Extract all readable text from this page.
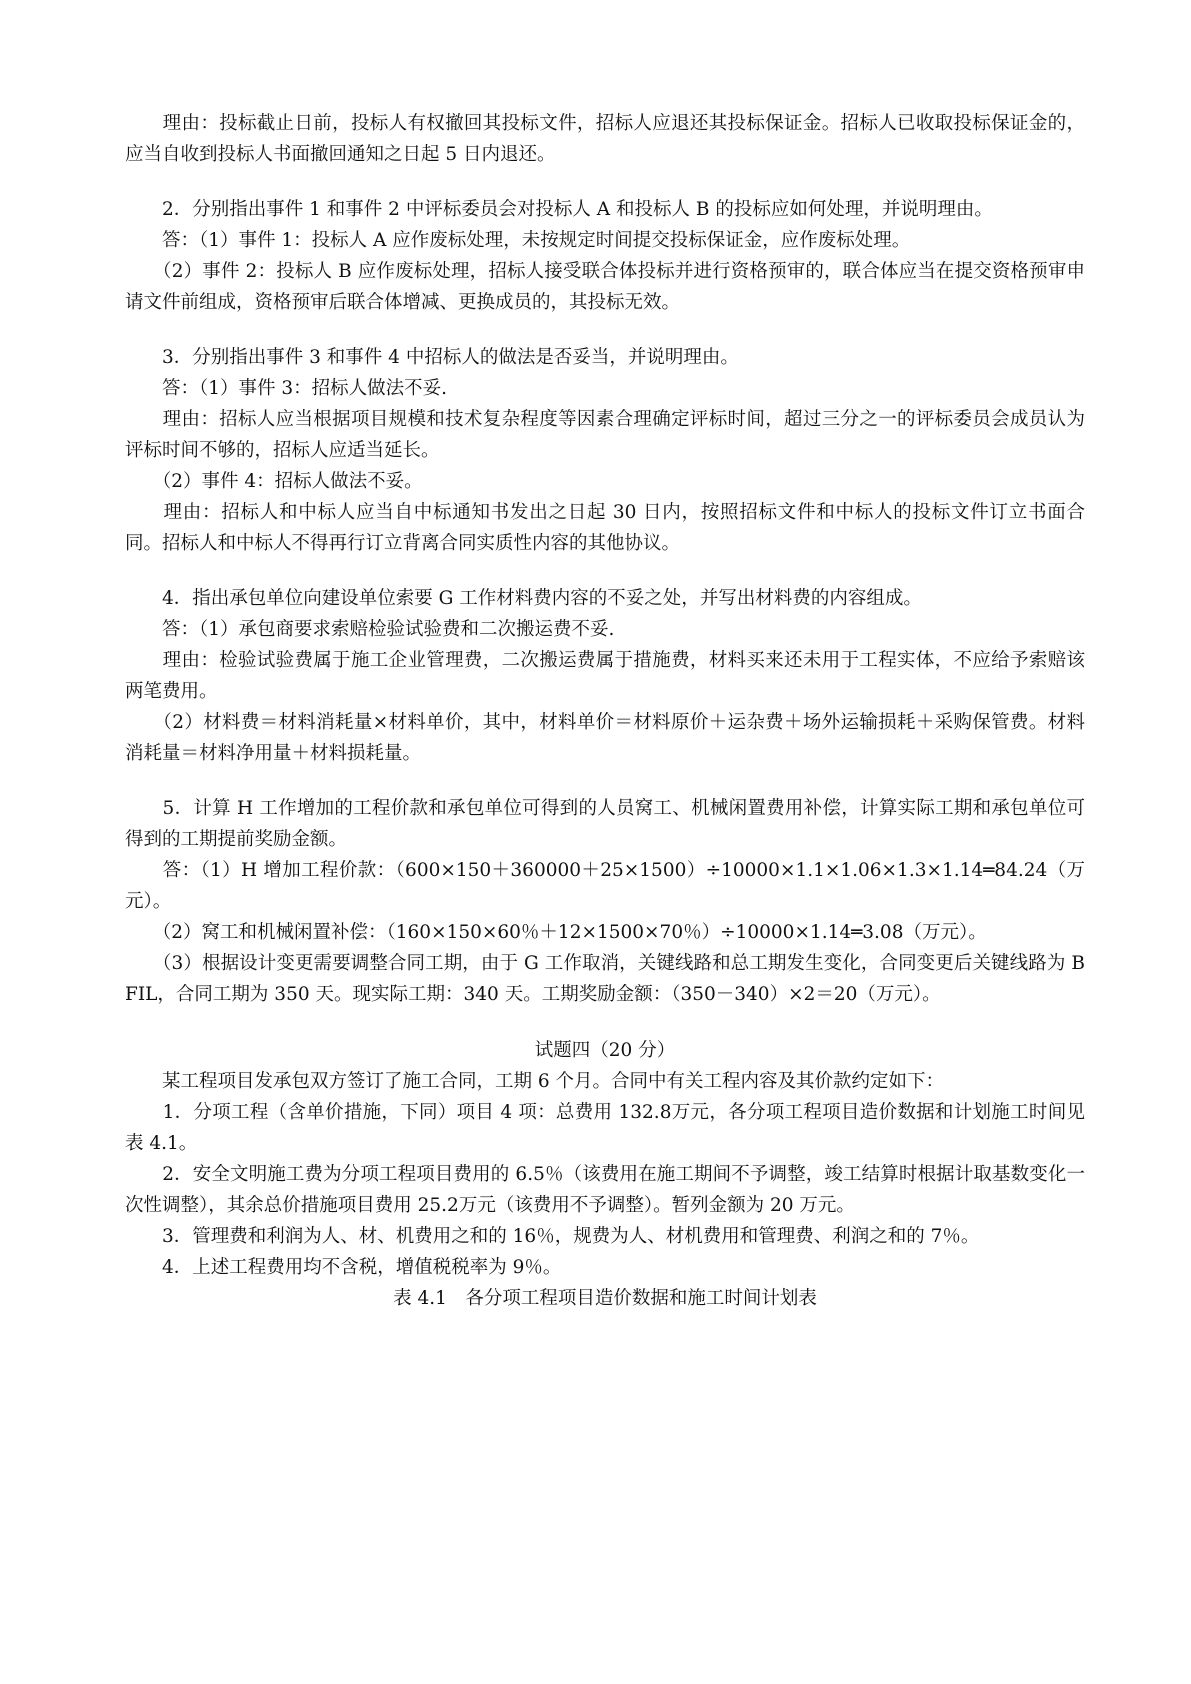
　　理由：投标截止日前，投标人有权撤回其投标文件，招标人应退还其投标保证金。招标人已收取投标保证金的，应当自收到投标人书面撤回通知之日起 5 日内退还。

　　2．分别指出事件 1 和事件 2 中评标委员会对投标人 A 和投标人 B 的投标应如何处理，并说明理由。

　　答：（1）事件 1：投标人 A 应作废标处理，未按规定时间提交投标保证金，应作废标处理。

　　（2）事件 2：投标人 B 应作废标处理，招标人接受联合体投标并进行资格预审的，联合体应当在提交资格预审申请文件前组成，资格预审后联合体增减、更换成员的，其投标无效。

　　3．分别指出事件 3 和事件 4 中招标人的做法是否妥当，并说明理由。

　　答：（1）事件 3：招标人做法不妥.

　　理由：招标人应当根据项目规模和技术复杂程度等因素合理确定评标时间，超过三分之一的评标委员会成员认为评标时间不够的，招标人应适当延长。

　　（2）事件 4：招标人做法不妥。

　　理由：招标人和中标人应当自中标通知书发出之日起 30 日内，按照招标文件和中标人的投标文件订立书面合同。招标人和中标人不得再行订立背离合同实质性内容的其他协议。

　　4．指出承包单位向建设单位索要 G 工作材料费内容的不妥之处，并写出材料费的内容组成。

　　答：（1）承包商要求索赔检验试验费和二次搬运费不妥.

　　理由：检验试验费属于施工企业管理费，二次搬运费属于措施费，材料买来还未用于工程实体，不应给予索赔该两笔费用。

　　（2）材料费＝材料消耗量×材料单价，其中，材料单价＝材料原价＋运杂费＋场外运输损耗＋采购保管费。材料消耗量＝材料净用量＋材料损耗量。

　　5．计算 H 工作增加的工程价款和承包单位可得到的人员窝工、机械闲置费用补偿，计算实际工期和承包单位可得到的工期提前奖励金额。

　　答：（1）H 增加工程价款：（600×150＋360000＋25×1500）÷10000×1.1×1.06×1.3×1.14═84.24（万元）。

　　（2）窝工和机械闲置补偿：（160×150×60％＋12×1500×70％）÷10000×1.14═3.08（万元）。

　　（3）根据设计变更需要调整合同工期，由于 G 工作取消，关键线路和总工期发生变化，合同变更后关键线路为 BFIL，合同工期为 350 天。现实际工期：340 天。工期奖励金额：（350－340）×2＝20（万元）。

试题四（20 分）

　　某工程项目发承包双方签订了施工合同，工期 6 个月。合同中有关工程内容及其价款约定如下：

　　1．分项工程（含单价措施，下同）项目 4 项：总费用 132.8万元，各分项工程项目造价数据和计划施工时间见表 4.1。

　　2．安全文明施工费为分项工程项目费用的 6.5％（该费用在施工期间不予调整，竣工结算时根据计取基数变化一次性调整），其余总价措施项目费用 25.2万元（该费用不予调整）。暂列金额为 20 万元。

　　3．管理费和利润为人、材、机费用之和的 16％，规费为人、材机费用和管理费、利润之和的 7％。

　　4．上述工程费用均不含税，增值税税率为 9％。

表 4.1　各分项工程项目造价数据和施工时间计划表
